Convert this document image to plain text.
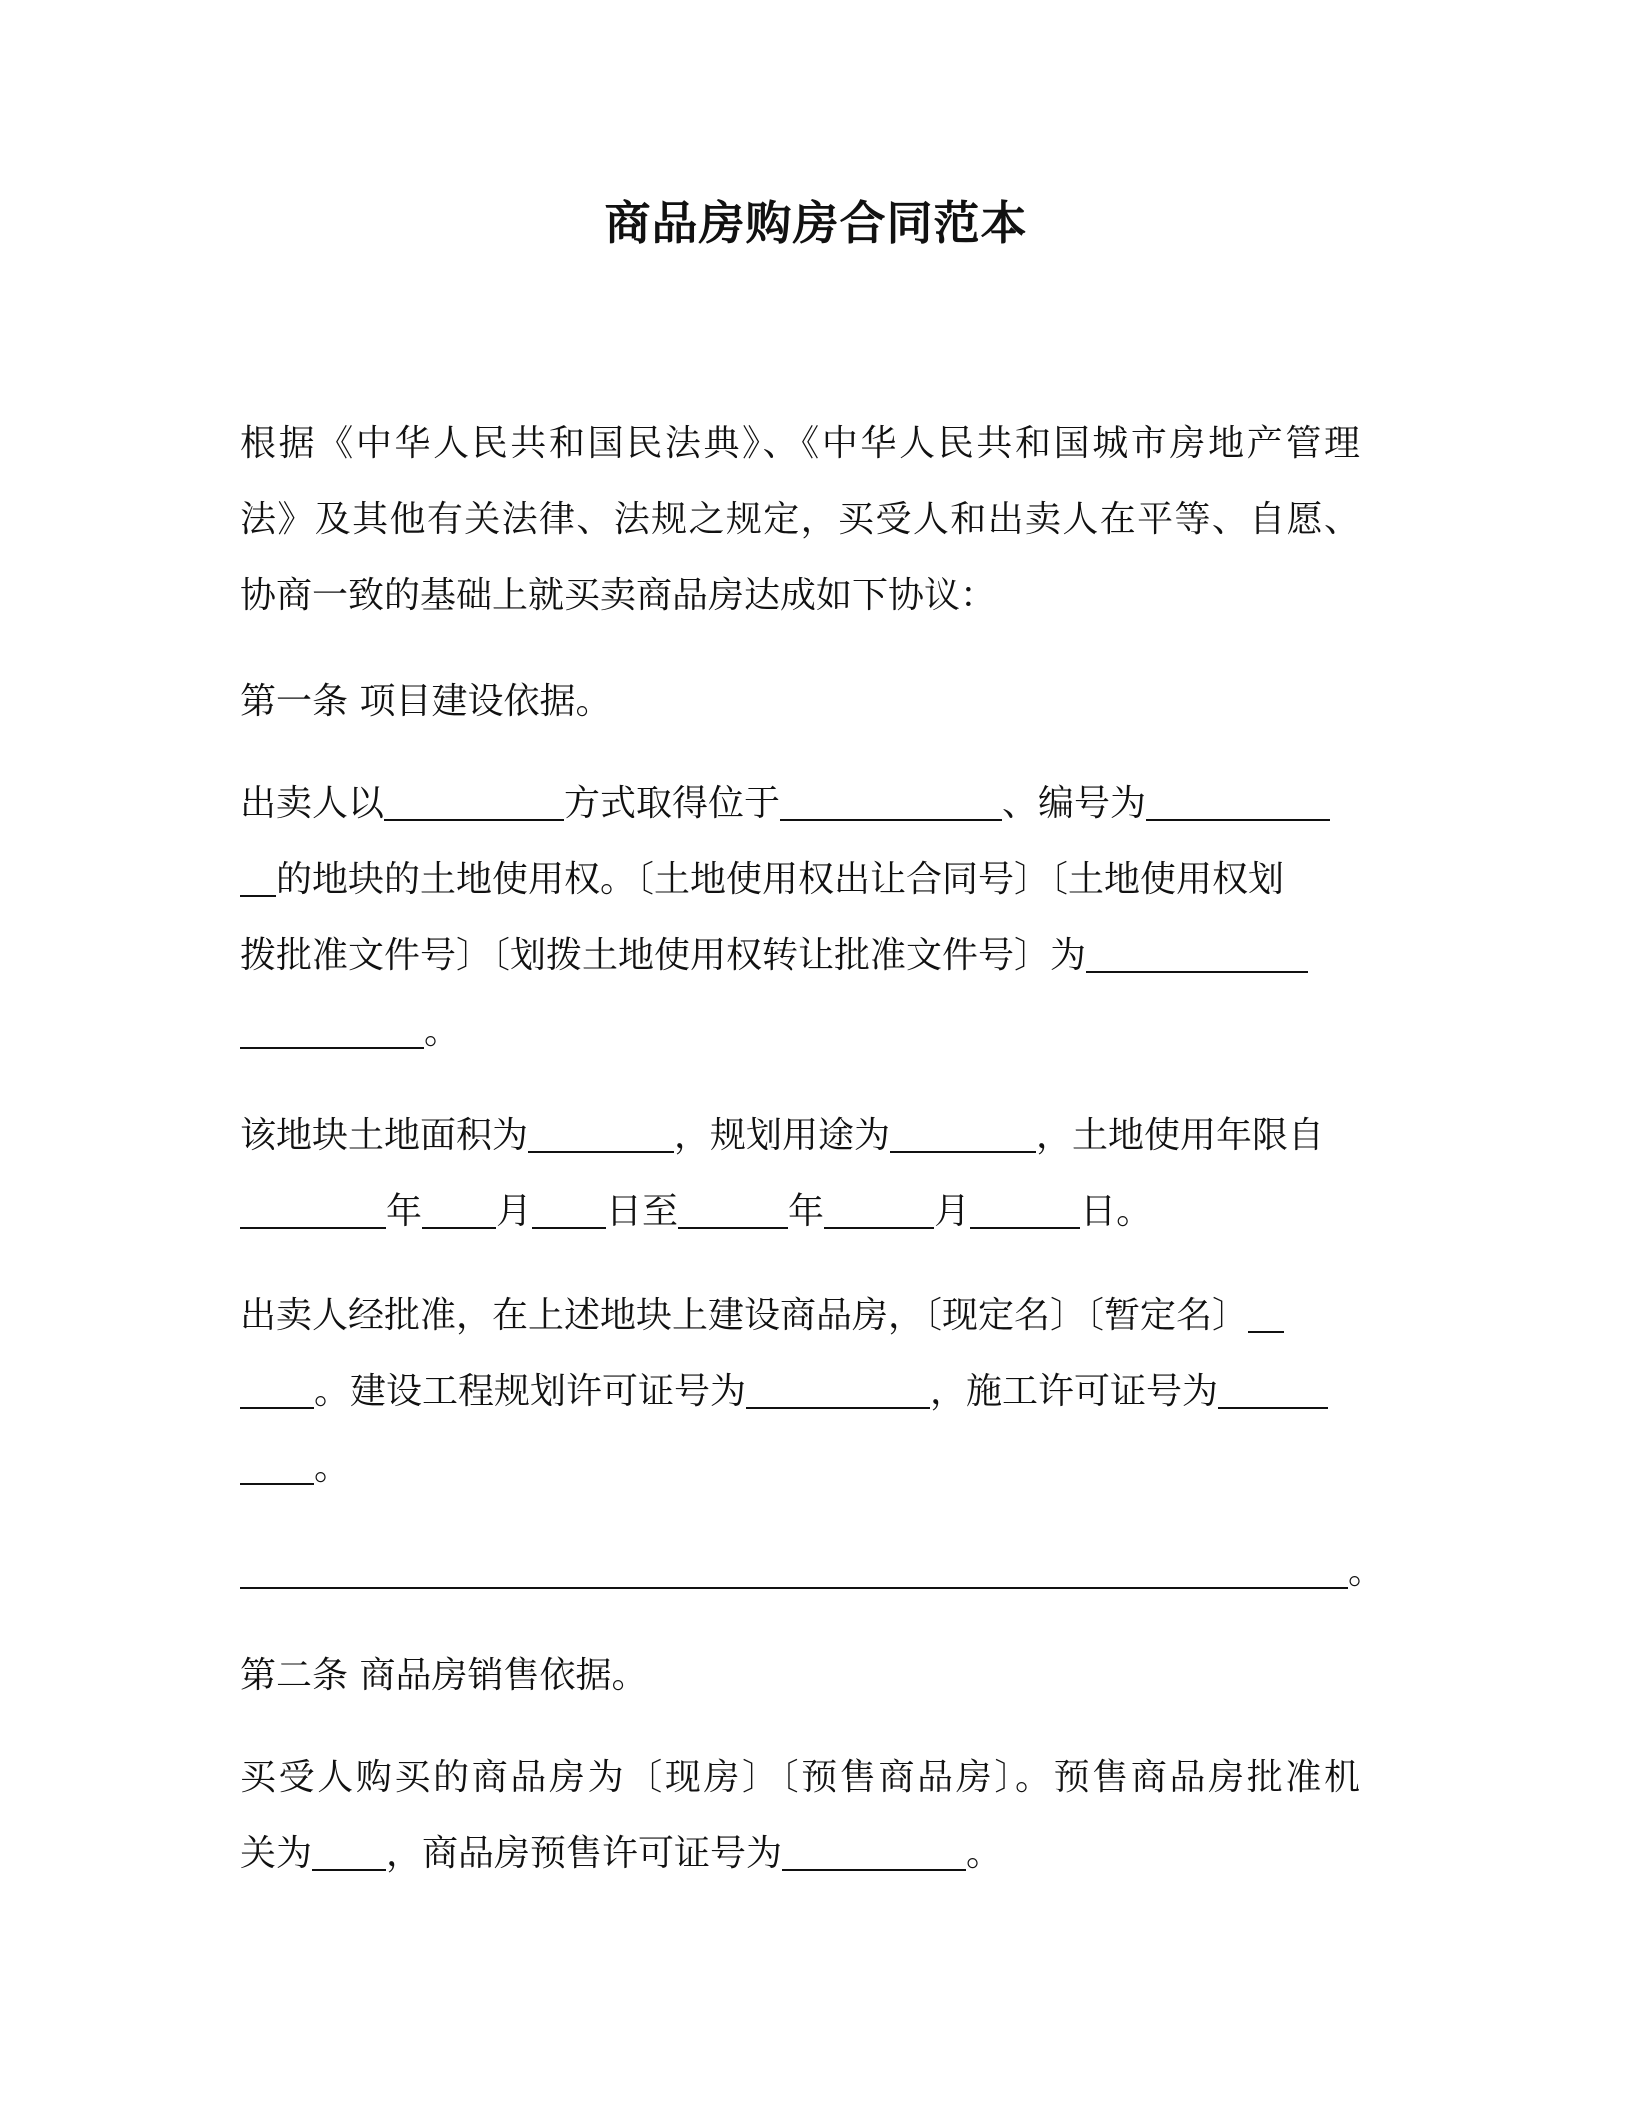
商品房购房合同范本
根据《中华人民共和国民法典》、《中华人民共和国城市房地产管理
法》及其他有关法律、法规之规定，买受人和出卖人在平等、自愿、
协商一致的基础上就买卖商品房达成如下协议：
第一条 项目建设依据。
出卖人以	方式取得位于	、编号为
的地块的土地使用权。〔土地使用权出让合同号〕〔土地使用权划
拨批准文件号〕〔划拨土地使用权转让批准文件号〕为
。
该地块土地面积为	，规划用途为	，土地使用年限自
年 月 日至	年	月	日。
出卖人经批准，在上述地块上建设商品房，〔现定名〕〔暂定名〕
。建设工程规划许可证号为	，施工许可证号为
。
。
第二条 商品房销售依据。
买受人购买的商品房为〔现房〕〔预售商品房〕。预售商品房批准机
关为 ，商品房预售许可证号为	。
